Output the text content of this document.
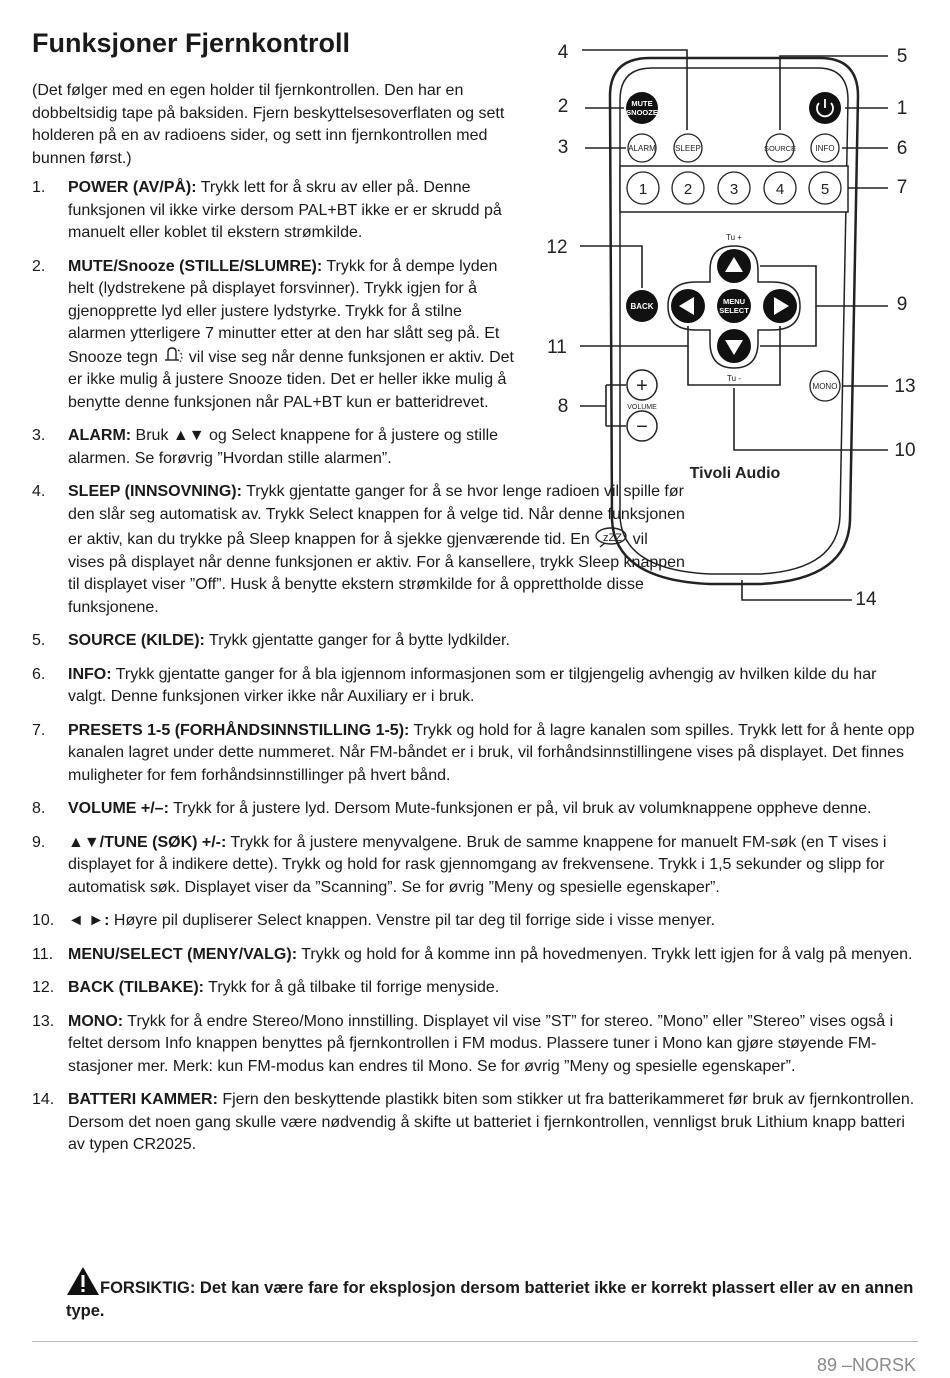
Funksjoner Fjernkontroll

(Det følger med en egen holder til fjernkontrollen. Den har en dobbeltsidig tape på baksiden. Fjern beskyttelsesoverflaten og sett holderen på en av radioens sider, og sett inn fjernkontrollen med bunnen først.)

1.	POWER (AV/PÅ): Trykk lett for å skru av eller på. Denne funksjonen vil ikke virke dersom PAL+BT ikke er er skrudd på manuelt eller koblet til ekstern strømkilde.
2.	MUTE/Snooze (STILLE/SLUMRE): Trykk for å dempe lyden helt (lydstrekene på displayet forsvinner). Trykk igjen for å gjenopprette lyd eller justere lydstyrke. Trykk for å stilne alarmen ytterligere 7 minutter etter at den har slått seg på. Et Snooze tegn  vil vise seg når denne funksjonen er aktiv. Det er ikke mulig å justere Snooze tiden. Det er heller ikke mulig å benytte denne funksjonen når PAL+BT kun er batteridrevet.
3.	ALARM: Bruk ▲▼ og Select knappene for å justere og stille alarmen. Se forøvrig ”Hvordan stille alarmen”.
4.	SLEEP (INNSOVNING): Trykk gjentatte ganger for å se hvor lenge radioen vil spille før den slår seg automatisk av. Trykk Select knappen for å velge tid. Når denne funksjonen er aktiv, kan du trykke på Sleep knappen for å sjekke gjenværende tid. En zZZ vil vises på displayet når denne funksjonen er aktiv. For å kansellere, trykk Sleep knappen til displayet viser ”Off”. Husk å benytte ekstern strømkilde for å opprettholde disse funksjonene.
5.	SOURCE (KILDE): Trykk gjentatte ganger for å bytte lydkilder.
6.	INFO: Trykk gjentatte ganger for å bla igjennom informasjonen som er tilgjengelig avhengig av hvilken kilde du har valgt. Denne funksjonen virker ikke når Auxiliary er i bruk.
7.	PRESETS 1-5 (FORHÅNDSINNSTILLING 1-5): Trykk og hold for å lagre kanalen som spilles. Trykk lett for å hente opp kanalen lagret under dette nummeret. Når FM-båndet er i bruk, vil forhåndsinnstillingene vises på displayet. Det finnes muligheter for fem forhåndsinnstillinger på hvert bånd.
8.	VOLUME +/–: Trykk for å justere lyd. Dersom Mute-funksjonen er på, vil bruk av volumknappene oppheve denne.
9.	▲▼/TUNE (SØK) +/-: Trykk for å justere menyvalgene. Bruk de samme knappene for manuelt FM-søk (en T vises i displayet for å indikere dette). Trykk og hold for rask gjennomgang av frekvensene. Trykk i 1,5 sekunder og slipp for automatisk søk. Displayet viser da ”Scanning”. Se for øvrig ”Meny og spesielle egenskaper”.
10. ◄ ►: Høyre pil dupliserer Select knappen. Venstre pil tar deg til forrige side i visse menyer.
11. MENU/SELECT (MENY/VALG): Trykk og hold for å komme inn på hovedmenyen. Trykk lett igjen for å valg på menyen.
12. BACK (TILBAKE): Trykk for å gå tilbake til forrige menyside.
13. MONO: Trykk for å endre Stereo/Mono innstilling. Displayet vil vise ”ST” for stereo. ”Mono” eller ”Stereo” vises også i feltet dersom Info knappen benyttes på fjernkontrollen i FM modus. Plassere tuner i Mono kan gjøre støyende FM-stasjoner mer. Merk: kun FM-modus kan endres til Mono. Se for øvrig ”Meny og spesielle egenskaper”.
14. BATTERI KAMMER: Fjern den beskyttende plastikk biten som stikker ut fra batterikammeret før bruk av fjernkontrollen. Dersom det noen gang skulle være nødvendig å skifte ut batteriet i fjernkontrollen, vennligst bruk Lithium knapp batteri av typen CR2025.
FORSIKTIG: Det kan være fare for eksplosjon dersom batteriet ikke er korrekt plassert eller av en annen type.
89 –NORSK
MUTE
SNOOZE
ALARM SLEEP	SOURCE INFO
1 2	3	4 5
Tu +
Tu -
MENU
SELECT
BACK
MONO
+
VOLUME
−
Tivoli Audio
4	5
2	1
3	6
7
12
9
11
13
8
10
14
